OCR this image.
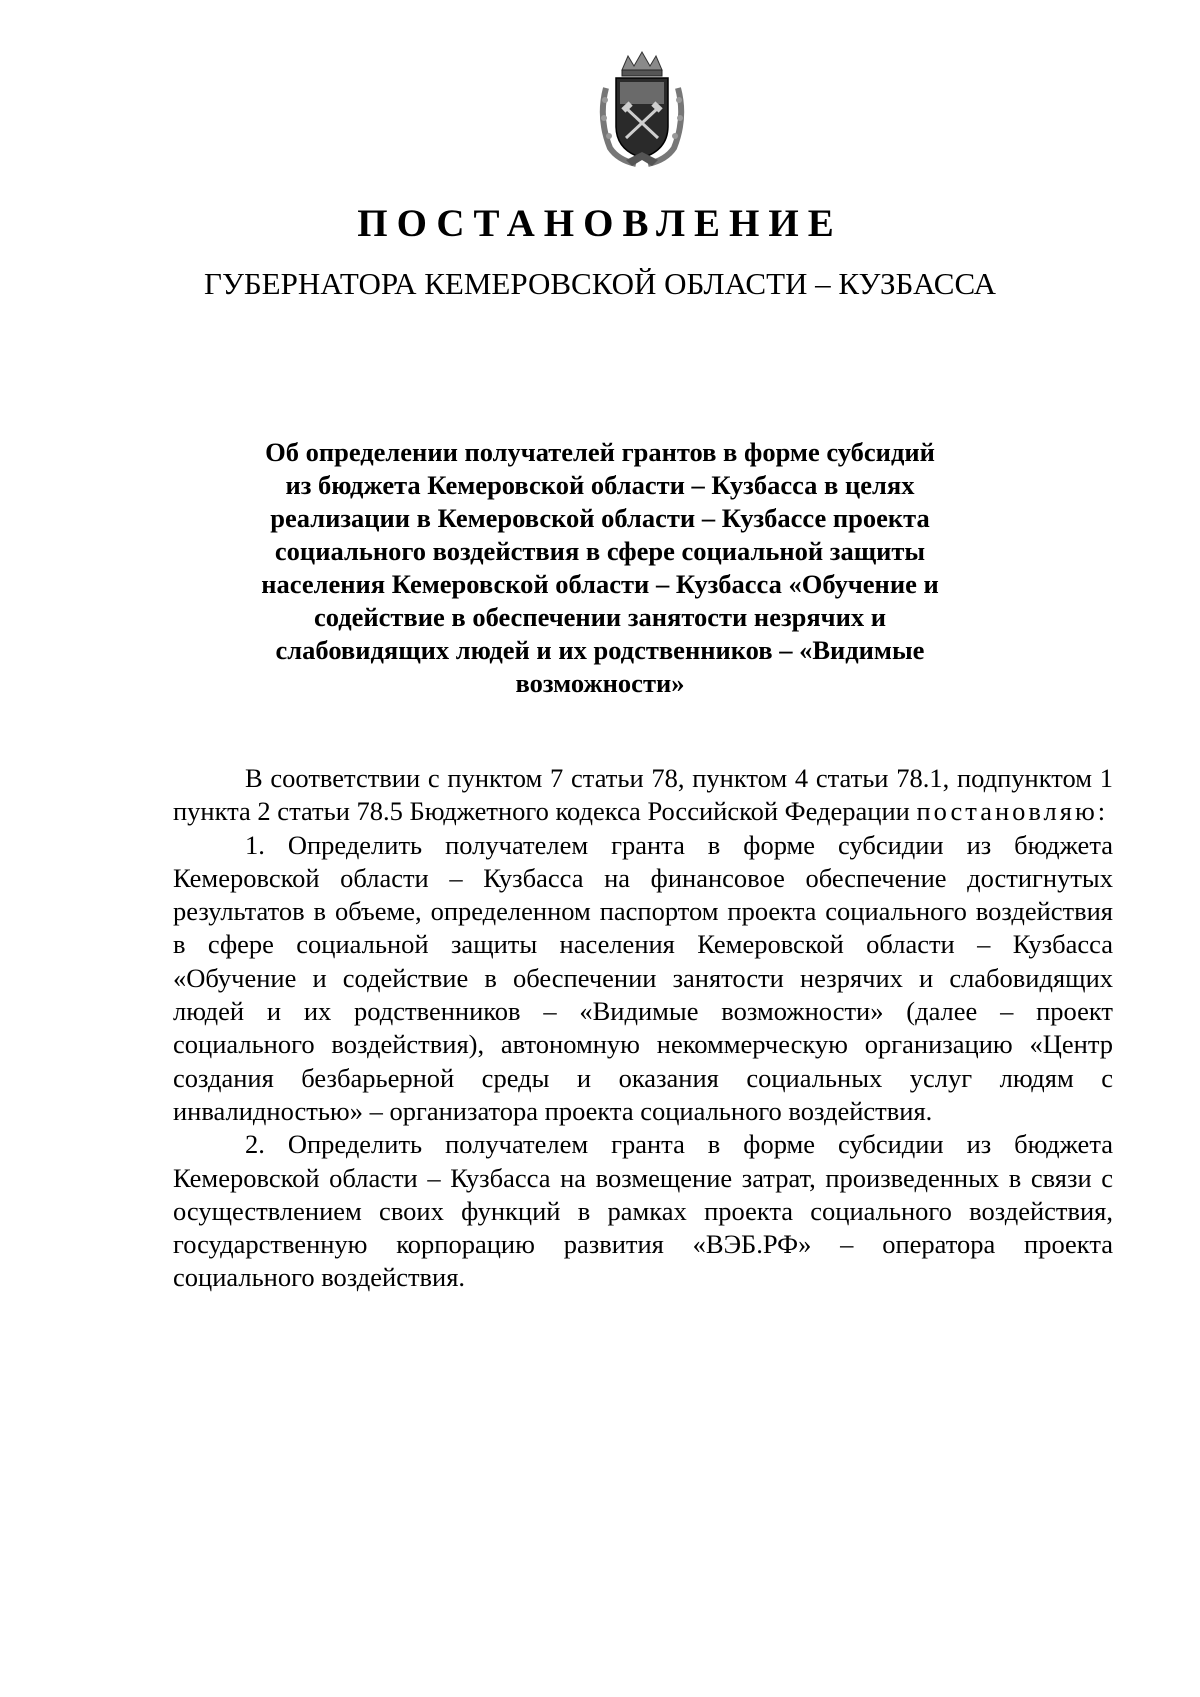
ПОСТАНОВЛЕНИЕ
ГУБЕРНАТОРА КЕМЕРОВСКОЙ ОБЛАСТИ – КУЗБАССА
Об определении получателей грантов в форме субсидий
из бюджета Кемеровской области – Кузбасса в целях
реализации в Кемеровской области – Кузбассе проекта
социального воздействия в сфере социальной защиты
населения Кемеровской области – Кузбасса «Обучение и
содействие в обеспечении занятости незрячих и
слабовидящих людей и их родственников – «Видимые
возможности»

В соответствии с пунктом 7 статьи 78, пунктом 4 статьи 78.1, подпунктом 1 пункта 2 статьи 78.5 Бюджетного кодекса Российской Федерации постановляю:

1. Определить получателем гранта в форме субсидии из бюджета Кемеровской области – Кузбасса на финансовое обеспечение достигнутых результатов в объеме, определенном паспортом проекта социального воздействия в сфере социальной защиты населения Кемеровской области – Кузбасса «Обучение и содействие в обеспечении занятости незрячих и слабовидящих людей и их родственников – «Видимые возможности» (далее – проект социального воздействия), автономную некоммерческую организацию «Центр создания безбарьерной среды и оказания социальных услуг людям с инвалидностью» – организатора проекта социального воздействия.

2. Определить получателем гранта в форме субсидии из бюджета Кемеровской области – Кузбасса на возмещение затрат, произведенных в связи с осуществлением своих функций в рамках проекта социального воздействия, государственную корпорацию развития «ВЭБ.РФ» – оператора проекта социального воздействия.
